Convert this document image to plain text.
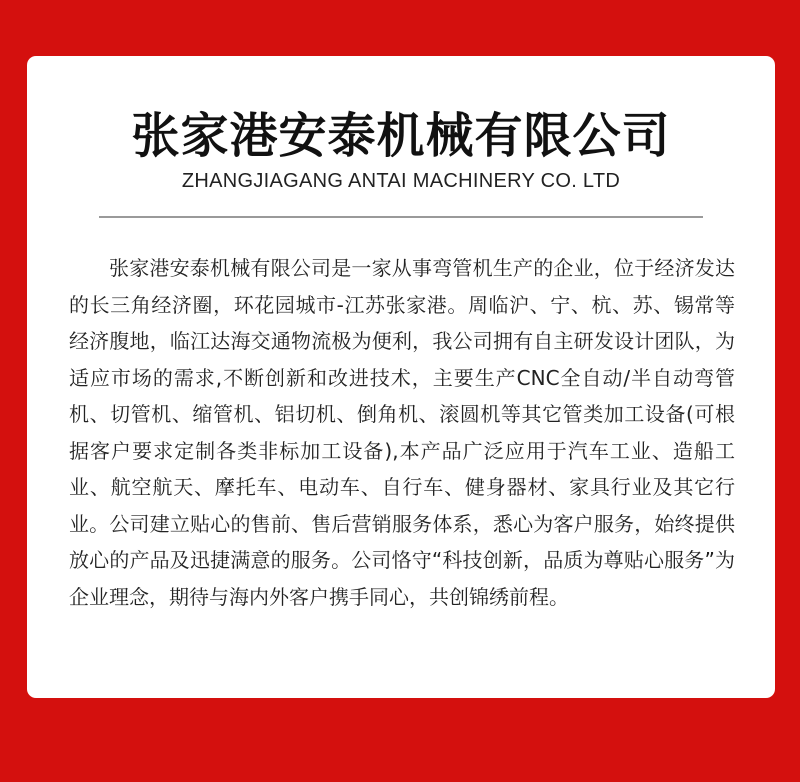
张家港安泰机械有限公司
ZHANGJIAGANG ANTAI MACHINERY CO. LTD

张家港安泰机械有限公司是一家从事弯管机生产的企业，位于经济发达的长三角经济圈，环花园城市-江苏张家港。周临沪、宁、杭、苏、锡常等经济腹地，临江达海交通物流极为便利，我公司拥有自主研发设计团队，为适应市场的需求,不断创新和改进技术，主要生产CNC全自动/半自动弯管机、切管机、缩管机、铝切机、倒角机、滚圆机等其它管类加工设备(可根据客户要求定制各类非标加工设备),本产品广泛应用于汽车工业、造船工业、航空航天、摩托车、电动车、自行车、健身器材、家具行业及其它行业。公司建立贴心的售前、售后营销服务体系，悉心为客户服务，始终提供放心的产品及迅捷满意的服务。公司恪守“科技创新，品质为尊贴心服务”为企业理念，期待与海内外客户携手同心，共创锦绣前程。
